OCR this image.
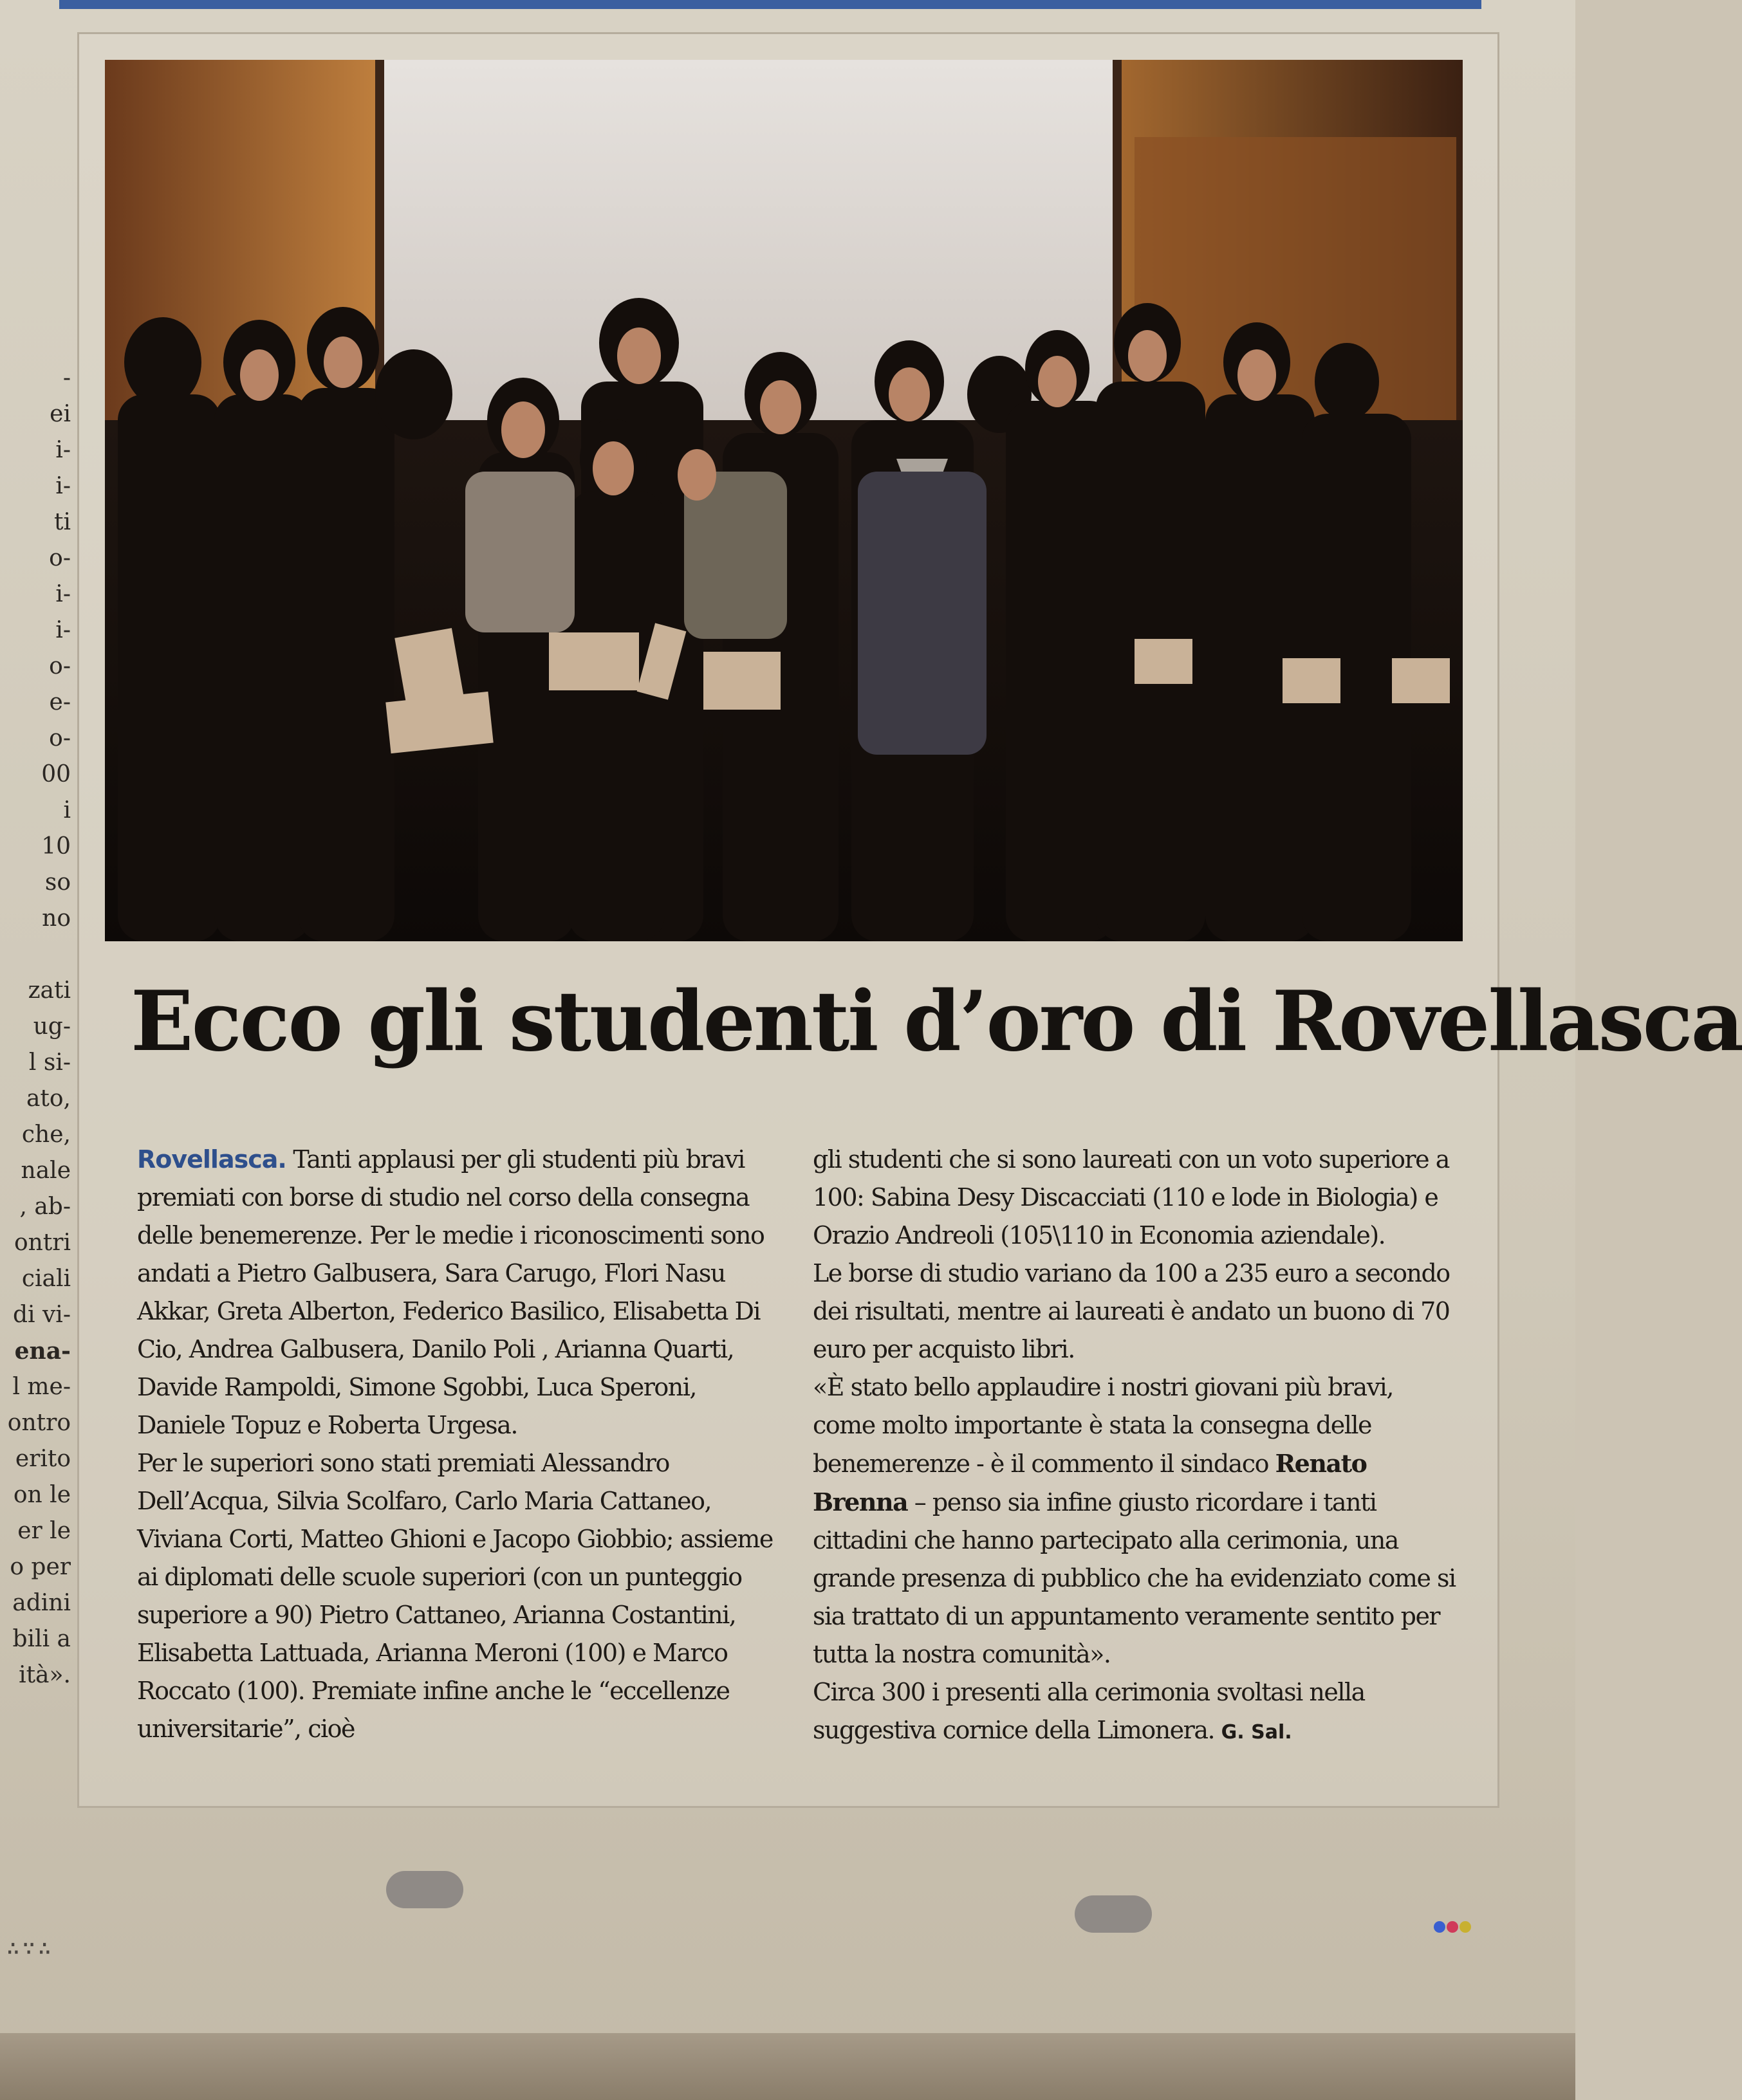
-
ei
i-
i-
ti
o-
i-
i-
o-
e-
o-
00
i
10
so
no

zati
ug-
l si-
ato,
che,
nale
, ab-
ontri
ciali
di vi-
ena-
l me-
ontro
erito
on le
er le
o per
adini
bili a
ità».
Ecco gli studenti d’oro di Rovellasca

Rovellasca. Tanti applausi per gli studenti più bravi premiati con borse di studio nel corso della consegna delle benemerenze. Per le medie i riconoscimenti sono andati a Pietro Galbusera, Sara Carugo, Flori Nasu Akkar, Greta Alberton, Federico Basilico, Elisabetta Di Cio, Andrea Galbusera, Danilo Poli , Arianna Quarti, Davide Rampoldi, Simone Sgobbi, Luca Speroni, Daniele Topuz e Roberta Urgesa.

Per le superiori sono stati premiati Alessandro Dell’Acqua, Silvia Scolfaro, Carlo Maria Cattaneo, Viviana Corti, Matteo Ghioni e Jacopo Giobbio; assieme ai diplomati delle scuole superiori (con un punteggio superiore a 90) Pietro Cattaneo, Arianna Costantini, Elisabetta Lattuada, Arianna Meroni (100) e Marco Roccato (100). Premiate infine anche le “eccellenze universitarie”, cioè

gli studenti che si sono laureati con un voto superiore a 100: Sabina Desy Discacciati (110 e lode in Biologia) e Orazio Andreoli (105\110 in Economia aziendale).

Le borse di studio variano da 100 a 235 euro a secondo dei risultati, mentre ai laureati è andato un buono di 70 euro per acquisto libri.

«È stato bello applaudire i nostri giovani più bravi, come molto importante è stata la consegna delle benemerenze - è il commento il sindaco Renato Brenna – penso sia infine giusto ricordare i tanti cittadini che hanno partecipato alla cerimonia, una grande presenza di pubblico che ha evidenziato come si sia trattato di un appuntamento veramente sentito per tutta la nostra comunità».

Circa 300 i presenti alla cerimonia svoltasi nella suggestiva cornice della Limonera. G. Sal.

∴∵∴
